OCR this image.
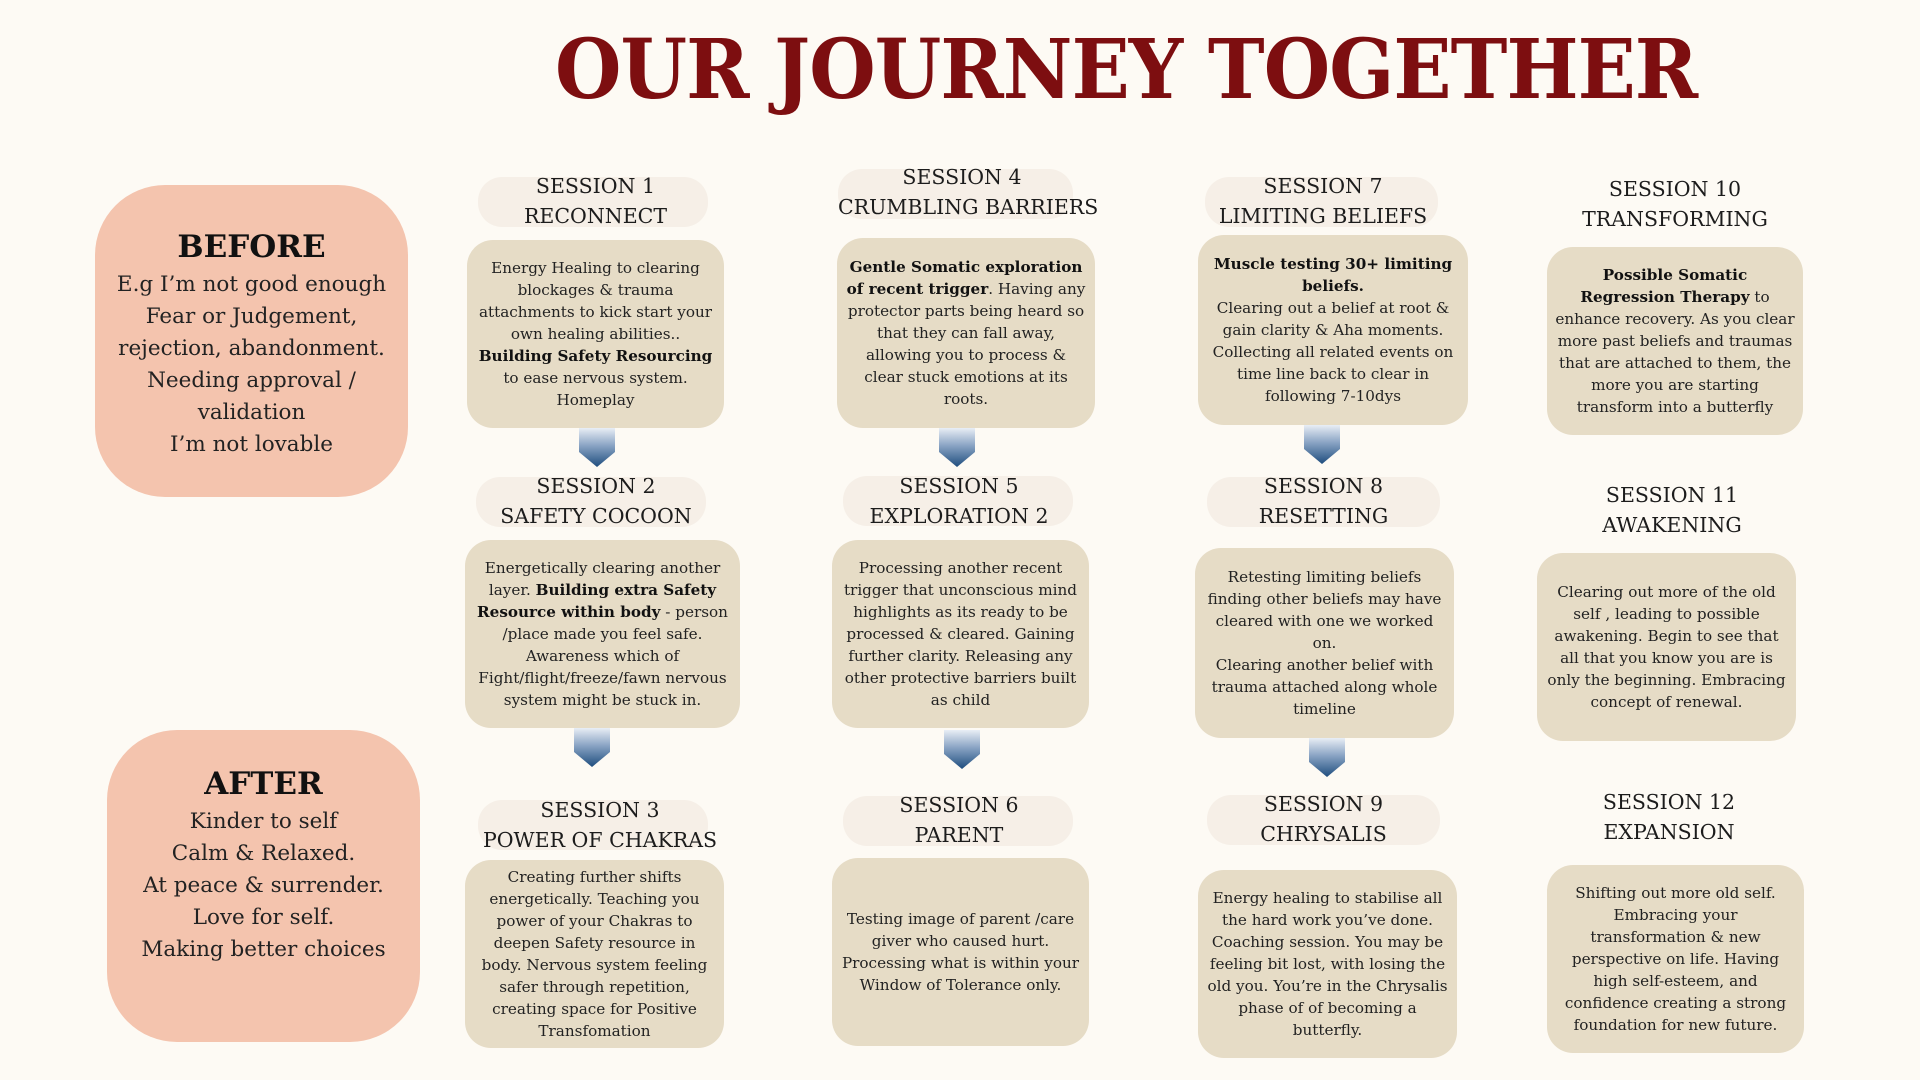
OUR JOURNEY TOGETHER
BEFORE
E.g I’m not good enough
Fear or Judgement,
rejection, abandonment.
Needing approval /
validation
I’m not lovable
AFTER
Kinder to self
Calm & Relaxed.
At peace & surrender.
Love for self.
Making better choices
SESSION 1
RECONNECT
Energy Healing to clearing blockages & trauma attachments to kick start your own healing abilities.. Building Safety Resourcing to ease nervous system. Homeplay
SESSION 2
SAFETY COCOON
Energetically clearing another layer. Building extra Safety Resource within body - person /place made you feel safe. Awareness which of Fight/flight/freeze/fawn nervous system might be stuck in.
SESSION 3
POWER OF CHAKRAS
Creating further shifts energetically. Teaching you power of your Chakras to deepen Safety resource in body. Nervous system feeling safer through repetition, creating space for Positive Transfomation
SESSION 4
CRUMBLING BARRIERS
Gentle Somatic exploration of recent trigger. Having any protector parts being heard so that they can fall away, allowing you to process & clear stuck emotions at its roots.
SESSION 5
EXPLORATION 2
Processing another recent trigger that unconscious mind highlights as its ready to be processed & cleared. Gaining further clarity. Releasing any other protective barriers built as child
SESSION 6
PARENT
Testing image of parent /care giver who caused hurt. Processing what is within your Window of Tolerance only.
SESSION 7
LIMITING BELIEFS
Muscle testing 30+ limiting beliefs.
Clearing out a belief at root & gain clarity & Aha moments. Collecting all related events on time line back to clear in following 7-10dys
SESSION 8
RESETTING
Retesting limiting beliefs finding other beliefs may have cleared with one we worked on.
Clearing another belief with trauma attached along whole timeline
SESSION 9
CHRYSALIS
Energy healing to stabilise all the hard work you’ve done. Coaching session. You may be feeling bit lost, with losing the old you. You’re in the Chrysalis phase of of becoming a butterfly.
SESSION 10
TRANSFORMING
Possible Somatic Regression Therapy to enhance recovery. As you clear more past beliefs and traumas that are attached to them, the more you are starting transform into a butterfly
SESSION 11
AWAKENING
Clearing out more of the old self , leading to possible awakening. Begin to see that all that you know you are is only the beginning. Embracing concept of renewal.
SESSION 12
EXPANSION
Shifting out more old self. Embracing your transformation & new perspective on life. Having high self-esteem, and confidence creating a strong foundation for new future.
